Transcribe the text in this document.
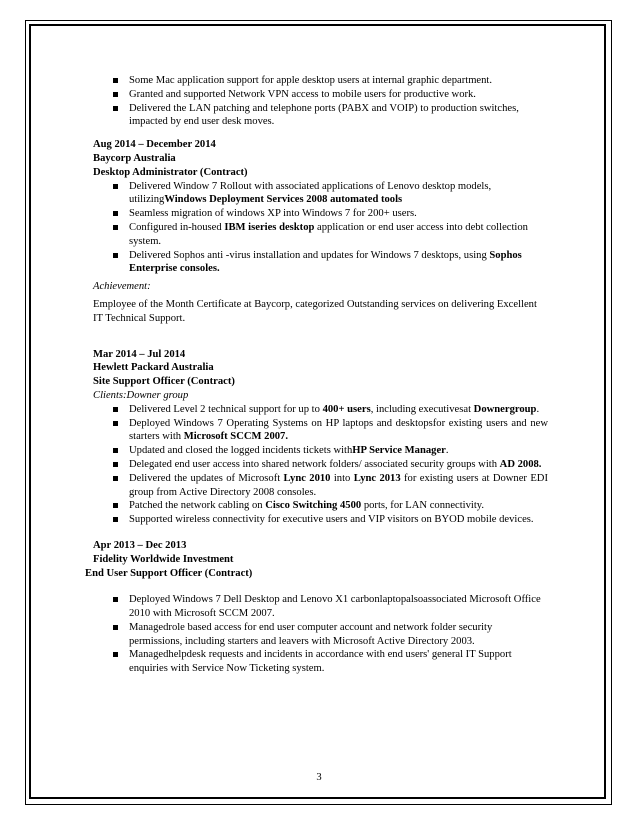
Some Mac application support for apple desktop users at internal graphic department.
Granted and supported Network VPN access to mobile users for productive work.
Delivered the LAN patching and telephone ports (PABX and VOIP) to production switches, impacted by end user desk moves.
Aug 2014 – December 2014
Baycorp Australia
Desktop Administrator (Contract)
Delivered Window 7 Rollout with associated applications of Lenovo desktop models, utilizingWindows Deployment Services 2008 automated tools
Seamless migration of windows XP into Windows 7 for 200+ users.
Configured in-housed IBM iseries desktop application or end user access into debt collection system.
Delivered Sophos anti -virus installation and updates for Windows 7 desktops, using Sophos Enterprise consoles.
Achievement:
Employee of the Month Certificate at Baycorp, categorized Outstanding services on delivering Excellent IT Technical Support.
Mar 2014 – Jul 2014
Hewlett Packard Australia
Site Support Officer (Contract)
Clients:Downer group
Delivered Level 2 technical support for up to 400+ users, including executivesat Downergroup.
Deployed Windows 7 Operating Systems on HP laptops and desktopsfor existing users and new starters with Microsoft SCCM 2007.
Updated and closed the logged incidents tickets withHP Service Manager.
Delegated end user access into shared network folders/ associated security groups with AD 2008.
Delivered the updates of Microsoft Lync 2010 into Lync 2013 for existing users at Downer EDI group from Active Directory 2008 consoles.
Patched the network cabling on Cisco Switching 4500 ports, for LAN connectivity.
Supported wireless connectivity for executive users and VIP visitors on BYOD mobile devices.
Apr 2013 – Dec 2013
Fidelity Worldwide Investment
End User Support Officer (Contract)
Deployed Windows 7 Dell Desktop and Lenovo X1 carbonlaptopalsoassociated Microsoft Office 2010 with Microsoft SCCM 2007.
Managedrole based access for end user computer account and network folder security permissions, including starters and leavers with Microsoft Active Directory 2003.
Managedhelpdesk requests and incidents in accordance with end users' general IT Support enquiries with Service Now Ticketing system.
3
